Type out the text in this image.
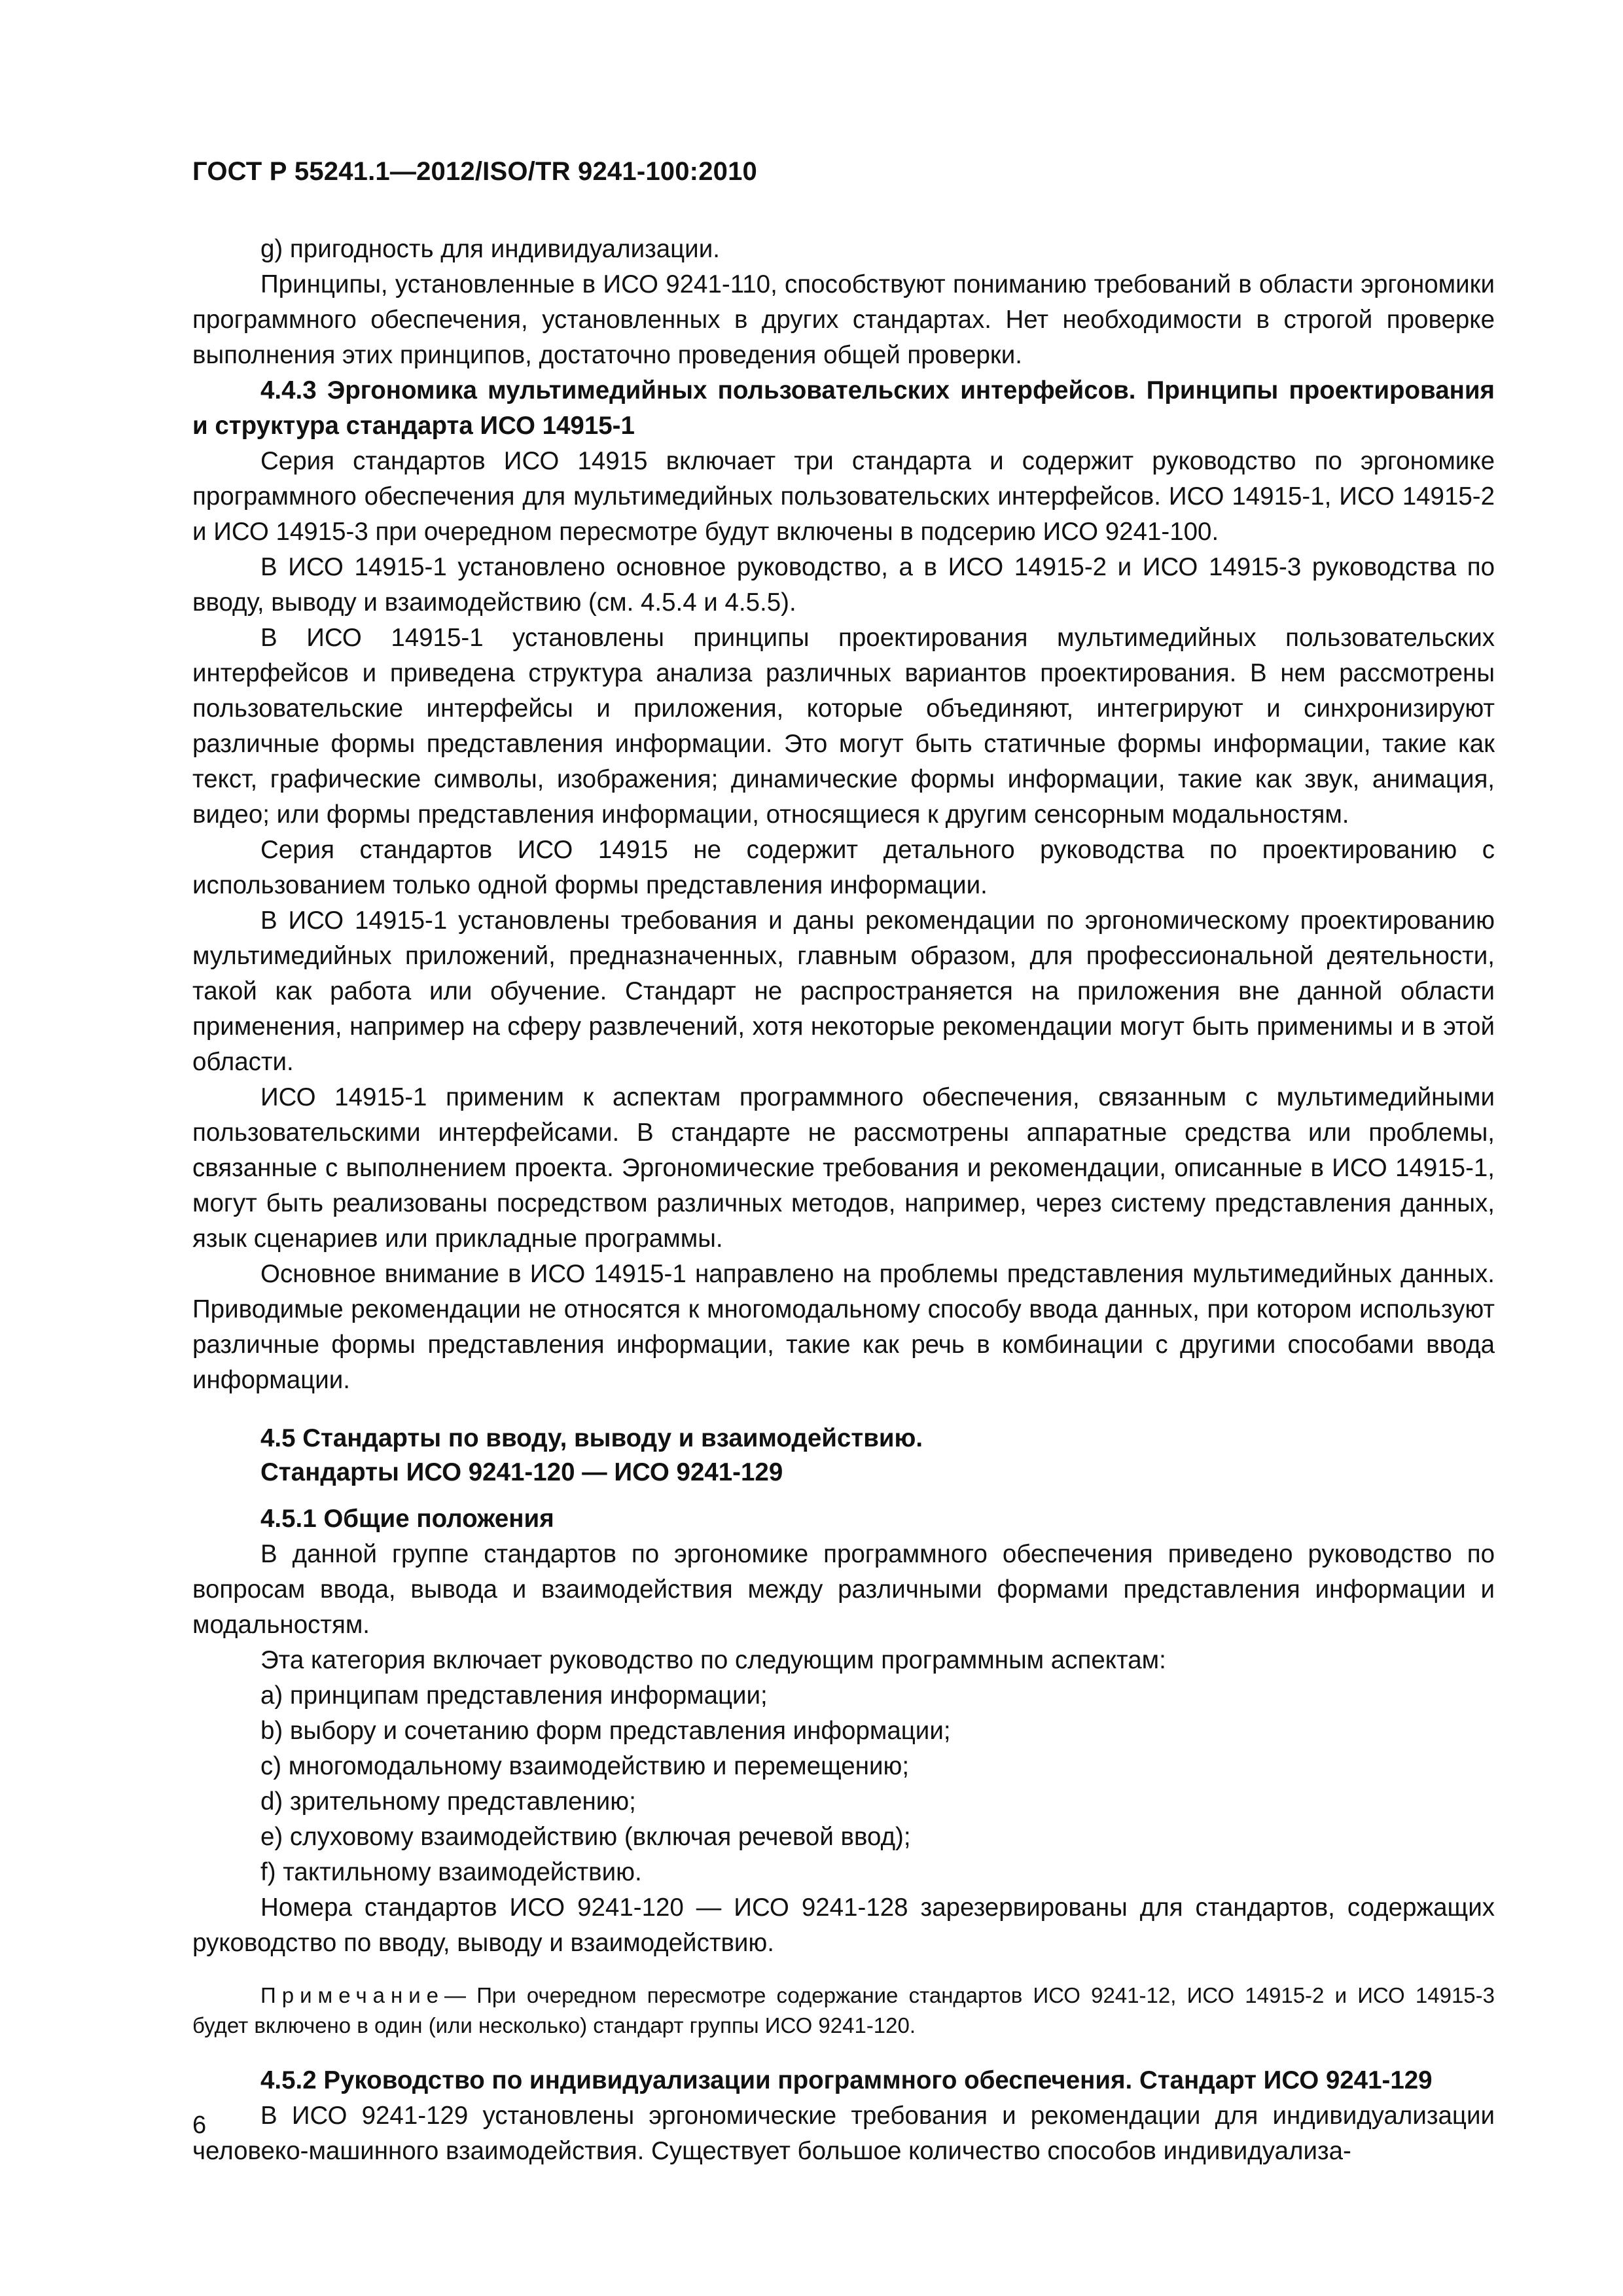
ГОСТ Р 55241.1—2012/ISO/TR 9241-100:2010

g) пригодность для индивидуализации.

Принципы, установленные в ИСО 9241-110, способствуют пониманию требований в области эргономики программного обеспечения, установленных в других стандартах. Нет необходимости в строгой проверке выполнения этих принципов, достаточно проведения общей проверки.

4.4.3 Эргономика мультимедийных пользовательских интерфейсов. Принципы проектирования и структура стандарта ИСО 14915-1

Серия стандартов ИСО 14915 включает три стандарта и содержит руководство по эргономике программного обеспечения для мультимедийных пользовательских интерфейсов. ИСО 14915-1, ИСО 14915-2 и ИСО 14915-3 при очередном пересмотре будут включены в подсерию ИСО 9241-100.

В ИСО 14915-1 установлено основное руководство, а в ИСО 14915-2 и ИСО 14915-3 руководства по вводу, выводу и взаимодействию (см. 4.5.4 и 4.5.5).

В ИСО 14915-1 установлены принципы проектирования мультимедийных пользовательских интерфейсов и приведена структура анализа различных вариантов проектирования. В нем рассмотрены пользовательские интерфейсы и приложения, которые объединяют, интегрируют и синхронизируют различные формы представления информации. Это могут быть статичные формы информации, такие как текст, графические символы, изображения; динамические формы информации, такие как звук, анимация, видео; или формы представления информации, относящиеся к другим сенсорным модальностям.

Серия стандартов ИСО 14915 не содержит детального руководства по проектированию с использованием только одной формы представления информации.

В ИСО 14915-1 установлены требования и даны рекомендации по эргономическому проектированию мультимедийных приложений, предназначенных, главным образом, для профессиональной деятельности, такой как работа или обучение. Стандарт не распространяется на приложения вне данной области применения, например на сферу развлечений, хотя некоторые рекомендации могут быть применимы и в этой области.

ИСО 14915-1 применим к аспектам программного обеспечения, связанным с мультимедийными пользовательскими интерфейсами. В стандарте не рассмотрены аппаратные средства или проблемы, связанные с выполнением проекта. Эргономические требования и рекомендации, описанные в ИСО 14915-1, могут быть реализованы посредством различных методов, например, через систему представления данных, язык сценариев или прикладные программы.

Основное внимание в ИСО 14915-1 направлено на проблемы представления мультимедийных данных. Приводимые рекомендации не относятся к многомодальному способу ввода данных, при котором используют различные формы представления информации, такие как речь в комбинации с другими способами ввода информации.

4.5 Стандарты по вводу, выводу и взаимодействию.
Стандарты ИСО 9241-120 — ИСО 9241-129

4.5.1 Общие положения

В данной группе стандартов по эргономике программного обеспечения приведено руководство по вопросам ввода, вывода и взаимодействия между различными формами представления информации и модальностям.

Эта категория включает руководство по следующим программным аспектам:

a) принципам представления информации;

b) выбору и сочетанию форм представления информации;

c) многомодальному взаимодействию и перемещению;

d) зрительному представлению;

e) слуховому взаимодействию (включая речевой ввод);

f) тактильному взаимодействию.

Номера стандартов ИСО 9241-120 — ИСО 9241-128 зарезервированы для стандартов, содержащих руководство по вводу, выводу и взаимодействию.

Примечание— При очередном пересмотре содержание стандартов ИСО 9241-12, ИСО 14915-2 и ИСО 14915-3 будет включено в один (или несколько) стандарт группы ИСО 9241-120.

4.5.2 Руководство по индивидуализации программного обеспечения. Стандарт ИСО 9241-129

В ИСО 9241-129 установлены эргономические требования и рекомендации для индивидуализации человеко-машинного взаимодействия. Существует большое количество способов индивидуализа-

6
